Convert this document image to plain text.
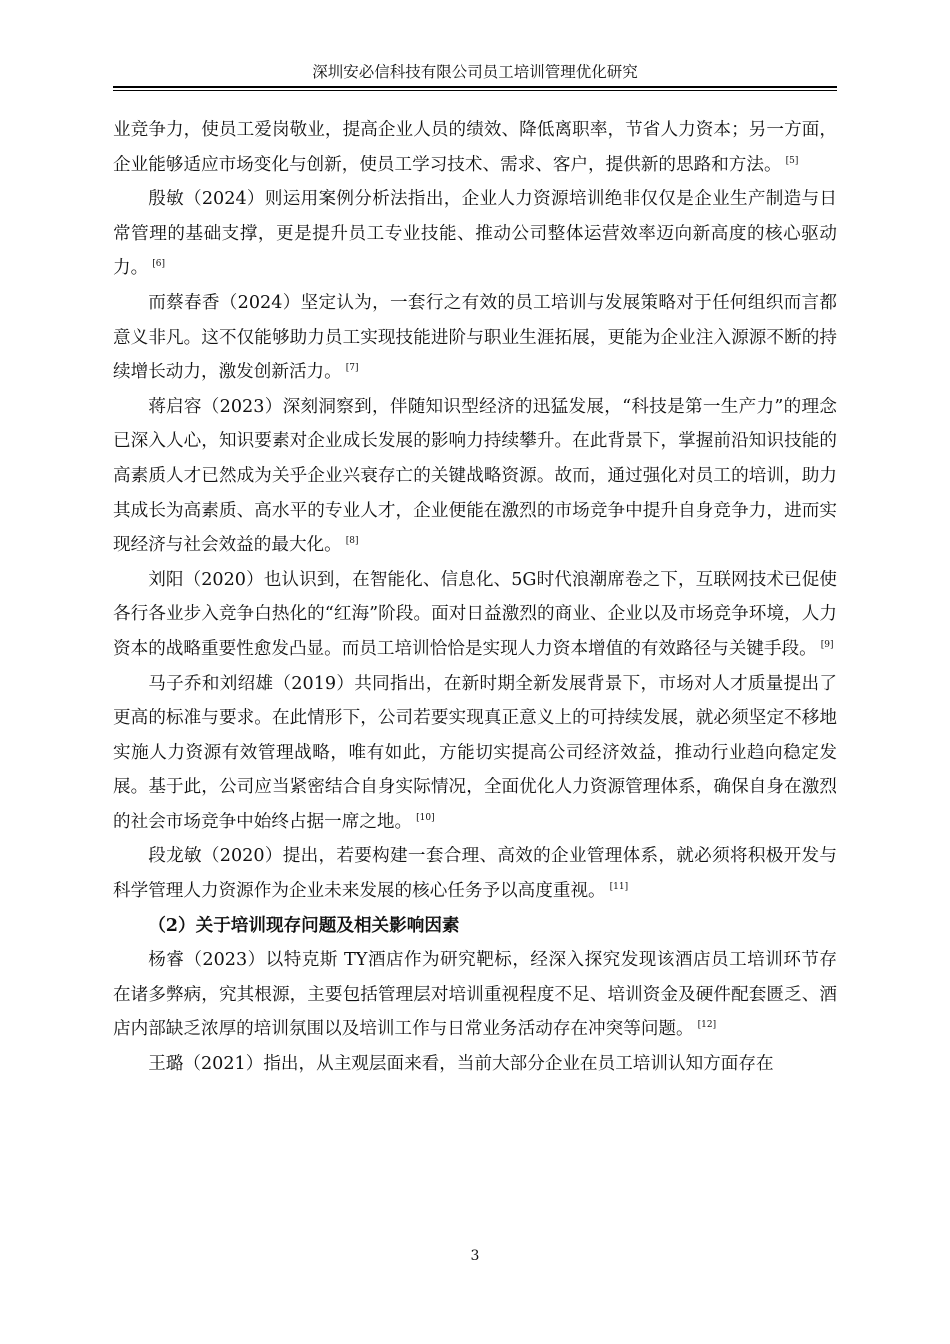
深圳安必信科技有限公司员工培训管理优化研究

业竞争力，使员工爱岗敬业，提高企业人员的绩效、降低离职率，节省人力资本；另一方面，企业能够适应市场变化与创新，使员工学习技术、需求、客户，提供新的思路和方法。 [5]

殷敏（2024）则运用案例分析法指出，企业人力资源培训绝非仅仅是企业生产制造与日常管理的基础支撑，更是提升员工专业技能、推动公司整体运营效率迈向新高度的核心驱动力。 [6]

而蔡春香（2024）坚定认为，一套行之有效的员工培训与发展策略对于任何组织而言都意义非凡。这不仅能够助力员工实现技能进阶与职业生涯拓展，更能为企业注入源源不断的持续增长动力，激发创新活力。 [7]

蒋启容（2023）深刻洞察到，伴随知识型经济的迅猛发展，“科技是第一生产力”的理念已深入人心，知识要素对企业成长发展的影响力持续攀升。在此背景下，掌握前沿知识技能的高素质人才已然成为关乎企业兴衰存亡的关键战略资源。故而，通过强化对员工的培训，助力其成长为高素质、高水平的专业人才，企业便能在激烈的市场竞争中提升自身竞争力，进而实现经济与社会效益的最大化。 [8]

刘阳（2020）也认识到，在智能化、信息化、5G时代浪潮席卷之下，互联网技术已促使各行各业步入竞争白热化的“红海”阶段。面对日益激烈的商业、企业以及市场竞争环境，人力资本的战略重要性愈发凸显。而员工培训恰恰是实现人力资本增值的有效路径与关键手段。 [9]

马子乔和刘绍雄（2019）共同指出，在新时期全新发展背景下，市场对人才质量提出了更高的标准与要求。在此情形下，公司若要实现真正意义上的可持续发展，就必须坚定不移地实施人力资源有效管理战略，唯有如此，方能切实提高公司经济效益，推动行业趋向稳定发展。基于此，公司应当紧密结合自身实际情况，全面优化人力资源管理体系，确保自身在激烈的社会市场竞争中始终占据一席之地。 [10]

段龙敏（2020）提出，若要构建一套合理、高效的企业管理体系，就必须将积极开发与科学管理人力资源作为企业未来发展的核心任务予以高度重视。 [11]

（2）关于培训现存问题及相关影响因素

杨睿（2023）以特克斯 TY酒店作为研究靶标，经深入探究发现该酒店员工培训环节存在诸多弊病，究其根源，主要包括管理层对培训重视程度不足、培训资金及硬件配套匮乏、酒店内部缺乏浓厚的培训氛围以及培训工作与日常业务活动存在冲突等问题。 [12]

王璐（2021）指出，从主观层面来看，当前大部分企业在员工培训认知方面存在

3
